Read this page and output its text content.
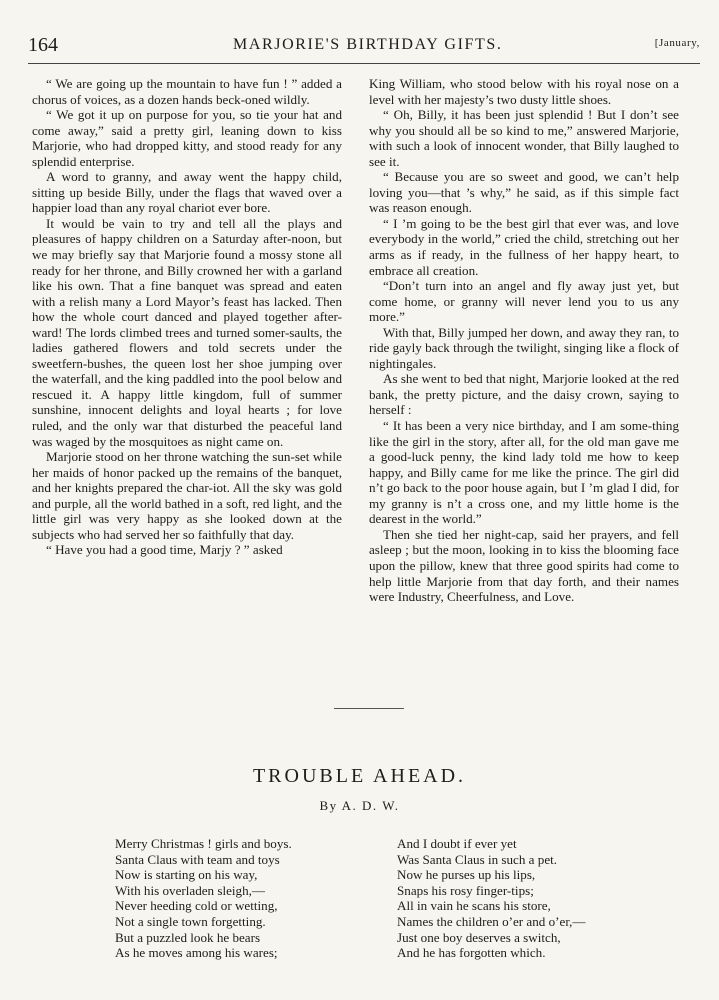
164	MARJORIE'S BIRTHDAY GIFTS.	[January,

“ We are going up the mountain to have fun ! ” added a chorus of voices, as a dozen hands beck-oned wildly.

“ We got it up on purpose for you, so tie your hat and come away,” said a pretty girl, leaning down to kiss Marjorie, who had dropped kitty, and stood ready for any splendid enterprise.

A word to granny, and away went the happy child, sitting up beside Billy, under the flags that waved over a happier load than any royal chariot ever bore.

It would be vain to try and tell all the plays and pleasures of happy children on a Saturday after-noon, but we may briefly say that Marjorie found a mossy stone all ready for her throne, and Billy crowned her with a garland like his own. That a fine banquet was spread and eaten with a relish many a Lord Mayor’s feast has lacked. Then how the whole court danced and played together after-ward! The lords climbed trees and turned somer-saults, the ladies gathered flowers and told secrets under the sweetfern-bushes, the queen lost her shoe jumping over the waterfall, and the king paddled into the pool below and rescued it. A happy little kingdom, full of summer sunshine, innocent delights and loyal hearts ; for love ruled, and the only war that disturbed the peaceful land was waged by the mosquitoes as night came on.

Marjorie stood on her throne watching the sun-set while her maids of honor packed up the remains of the banquet, and her knights prepared the char-iot. All the sky was gold and purple, all the world bathed in a soft, red light, and the little girl was very happy as she looked down at the subjects who had served her so faithfully that day.

“ Have you had a good time, Marjy ? ” asked

King William, who stood below with his royal nose on a level with her majesty’s two dusty little shoes.

“ Oh, Billy, it has been just splendid ! But I don’t see why you should all be so kind to me,” answered Marjorie, with such a look of innocent wonder, that Billy laughed to see it.

“ Because you are so sweet and good, we can’t help loving you—that ’s why,” he said, as if this simple fact was reason enough.

“ I ’m going to be the best girl that ever was, and love everybody in the world,” cried the child, stretching out her arms as if ready, in the fullness of her happy heart, to embrace all creation.

“Don’t turn into an angel and fly away just yet, but come home, or granny will never lend you to us any more.”

With that, Billy jumped her down, and away they ran, to ride gayly back through the twilight, singing like a flock of nightingales.

As she went to bed that night, Marjorie looked at the red bank, the pretty picture, and the daisy crown, saying to herself :

“ It has been a very nice birthday, and I am some-thing like the girl in the story, after all, for the old man gave me a good-luck penny, the kind lady told me how to keep happy, and Billy came for me like the prince. The girl did n’t go back to the poor house again, but I ’m glad I did, for my granny is n’t a cross one, and my little home is the dearest in the world.”

Then she tied her night-cap, said her prayers, and fell asleep ; but the moon, looking in to kiss the blooming face upon the pillow, knew that three good spirits had come to help little Marjorie from that day forth, and their names were Industry, Cheerfulness, and Love.

TROUBLE AHEAD.
By A. D. W.
Merry Christmas ! girls and boys.
Santa Claus with team and toys
Now is starting on his way,
With his overladen sleigh,—
Never heeding cold or wetting,
Not a single town forgetting.
But a puzzled look he bears
As he moves among his wares;
And I doubt if ever yet
Was Santa Claus in such a pet.
Now he purses up his lips,
Snaps his rosy finger-tips;
All in vain he scans his store,
Names the children o’er and o’er,—
Just one boy deserves a switch,
And he has forgotten which.
